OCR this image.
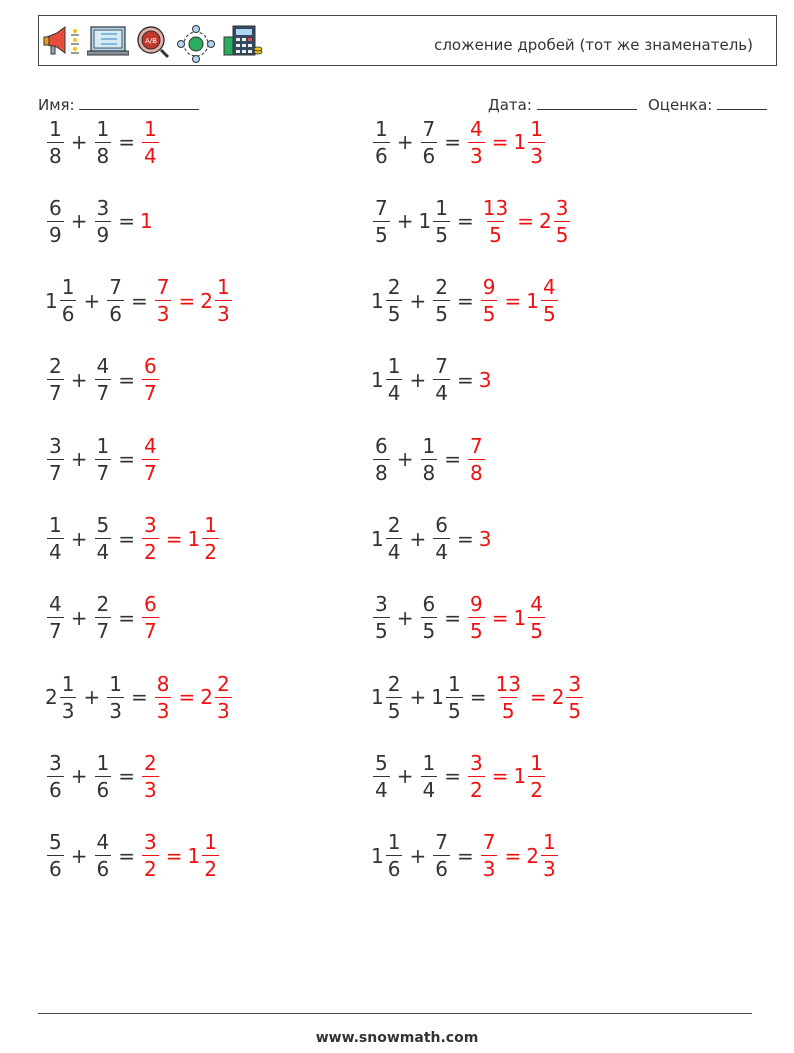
A/B	сложение дробей (тот же знаменатель)
Имя:	Дата:	Оценка:
$\frac{1}{8} + \frac{1}{8} = \frac{1}{4}$
$\frac{6}{9} + \frac{3}{9} = 1$
$1 \frac{1}{6} + \frac{7}{6} = \frac{7}{3} = 2 \frac{1}{3}$
$\frac{2}{7} + \frac{4}{7} = \frac{6}{7}$
$\frac{3}{7} + \frac{1}{7} = \frac{4}{7}$
$\frac{1}{4} + \frac{5}{4} = \frac{3}{2} = 1 \frac{1}{2}$
$\frac{4}{7} + \frac{2}{7} = \frac{6}{7}$
$2 \frac{1}{3} + \frac{1}{3} = \frac{8}{3} = 2 \frac{2}{3}$
$\frac{3}{6} + \frac{1}{6} = \frac{2}{3}$
$\frac{5}{6} + \frac{4}{6} = \frac{3}{2} = 1 \frac{1}{2}$
$\frac{1}{6} + \frac{7}{6} = \frac{4}{3} = 1 \frac{1}{3}$
$\frac{7}{5} + 1 \frac{1}{5} = \frac{13}{5} = 2 \frac{3}{5}$
$1 \frac{2}{5} + \frac{2}{5} = \frac{9}{5} = 1 \frac{4}{5}$
$1 \frac{1}{4} + \frac{7}{4} = 3$
$\frac{6}{8} + \frac{1}{8} = \frac{7}{8}$
$1 \frac{2}{4} + \frac{6}{4} = 3$
$\frac{3}{5} + \frac{6}{5} = \frac{9}{5} = 1 \frac{4}{5}$
$1 \frac{2}{5} + 1 \frac{1}{5} = \frac{13}{5} = 2 \frac{3}{5}$
$\frac{5}{4} + \frac{1}{4} = \frac{3}{2} = 1 \frac{1}{2}$
$1 \frac{1}{6} + \frac{7}{6} = \frac{7}{3} = 2 \frac{1}{3}$
www.snowmath.com
